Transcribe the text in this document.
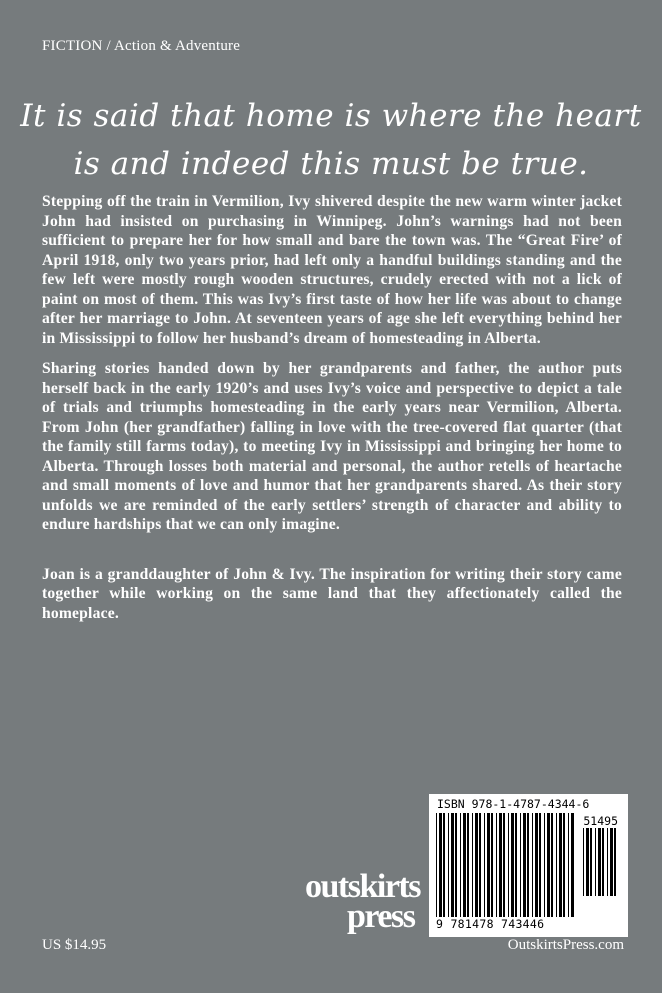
FICTION / Action & Adventure
It is said that home is where the heart
is and indeed this must be true.

Stepping off the train in Vermilion, Ivy shivered despite the new warm winter jacket John had insisted on purchasing in Winnipeg. John’s warnings had not been sufficient to prepare her for how small and bare the town was. The “Great Fire’ of April 1918, only two years prior, had left only a handful buildings standing and the few left were mostly rough wooden structures, crudely erected with not a lick of paint on most of them. This was Ivy’s first taste of how her life was about to change after her marriage to John. At seventeen years of age she left everything behind her in Mississippi to follow her husband’s dream of homesteading in Alberta.

Sharing stories handed down by her grandparents and father, the author puts herself back in the early 1920’s and uses Ivy’s voice and perspective to depict a tale of trials and triumphs homesteading in the early years near Vermilion, Alberta. From John (her grandfather) falling in love with the tree-covered flat quarter (that the family still farms today), to meeting Ivy in Mississippi and bringing her home to Alberta. Through losses both material and personal, the author retells of heartache and small moments of love and humor that her grandparents shared. As their story unfolds we are reminded of the early settlers’ strength of character and ability to endure hardships that we can only imagine.

Joan is a granddaughter of John & Ivy. The inspiration for writing their story came together while working on the same land that they affectionately called the homeplace.

ISBN 978-1-4787-4344-6
51495
9 781478 743446
outskirts
press
US $14.95	OutskirtsPress.com
